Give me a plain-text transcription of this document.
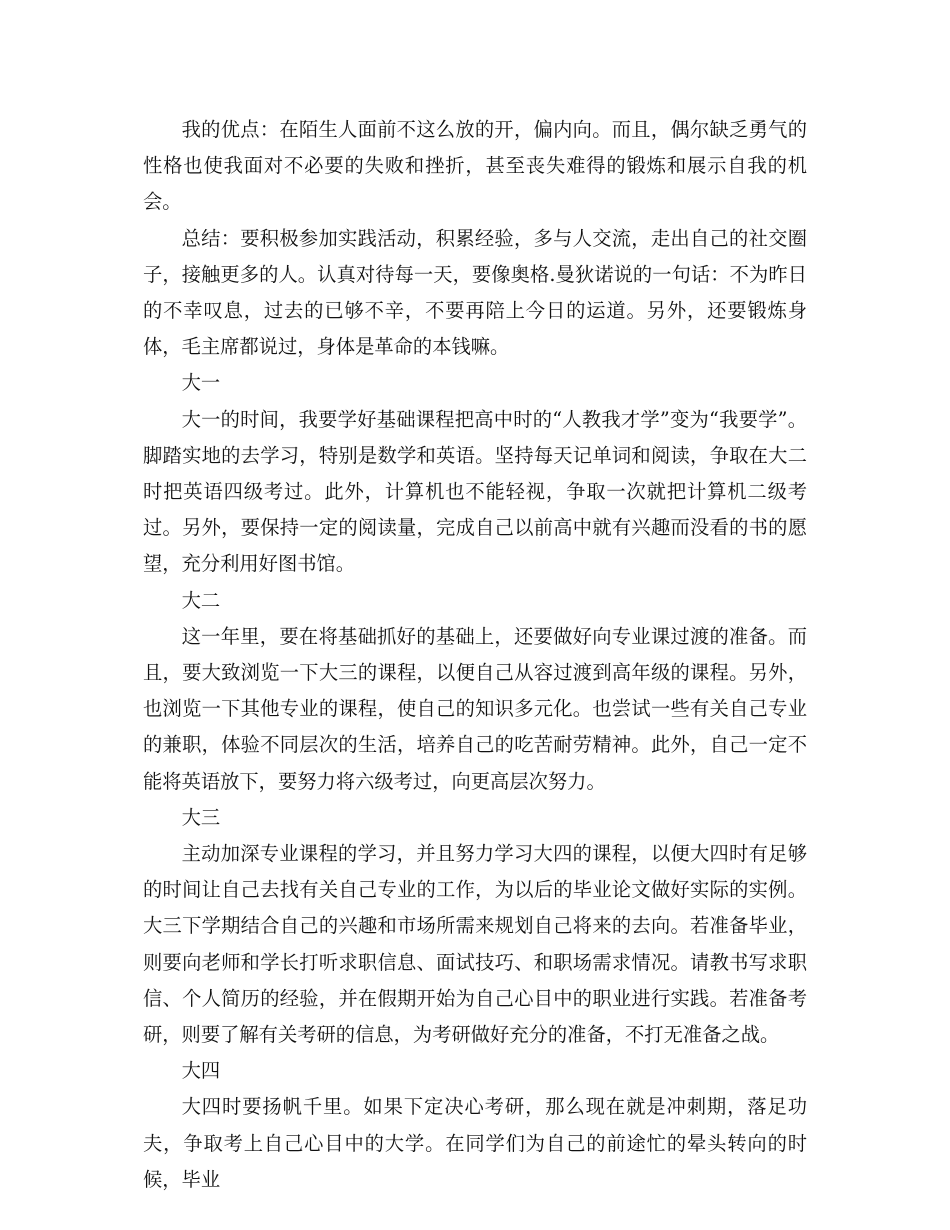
我的优点：在陌生人面前不这么放的开，偏内向。而且，偶尔缺乏勇气的性格也使我面对不必要的失败和挫折，甚至丧失难得的锻炼和展示自我的机会。

总结：要积极参加实践活动，积累经验，多与人交流，走出自己的社交圈子，接触更多的人。认真对待每一天，要像奥格.曼狄诺说的一句话：不为昨日的不幸叹息，过去的已够不辛，不要再陪上今日的运道。另外，还要锻炼身体，毛主席都说过，身体是革命的本钱嘛。

大一

大一的时间，我要学好基础课程把高中时的“人教我才学”变为“我要学”。脚踏实地的去学习，特别是数学和英语。坚持每天记单词和阅读，争取在大二时把英语四级考过。此外，计算机也不能轻视，争取一次就把计算机二级考过。另外，要保持一定的阅读量，完成自己以前高中就有兴趣而没看的书的愿望，充分利用好图书馆。

大二

这一年里，要在将基础抓好的基础上，还要做好向专业课过渡的准备。而且，要大致浏览一下大三的课程，以便自己从容过渡到高年级的课程。另外，也浏览一下其他专业的课程，使自己的知识多元化。也尝试一些有关自己专业的兼职，体验不同层次的生活，培养自己的吃苦耐劳精神。此外，自己一定不能将英语放下，要努力将六级考过，向更高层次努力。

大三

主动加深专业课程的学习，并且努力学习大四的课程，以便大四时有足够的时间让自己去找有关自己专业的工作，为以后的毕业论文做好实际的实例。大三下学期结合自己的兴趣和市场所需来规划自己将来的去向。若准备毕业，则要向老师和学长打听求职信息、面试技巧、和职场需求情况。请教书写求职信、个人简历的经验，并在假期开始为自己心目中的职业进行实践。若准备考研，则要了解有关考研的信息，为考研做好充分的准备，不打无准备之战。

大四

大四时要扬帆千里。如果下定决心考研，那么现在就是冲刺期，落足功夫，争取考上自己心目中的大学。在同学们为自己的前途忙的晕头转向的时候，毕业
